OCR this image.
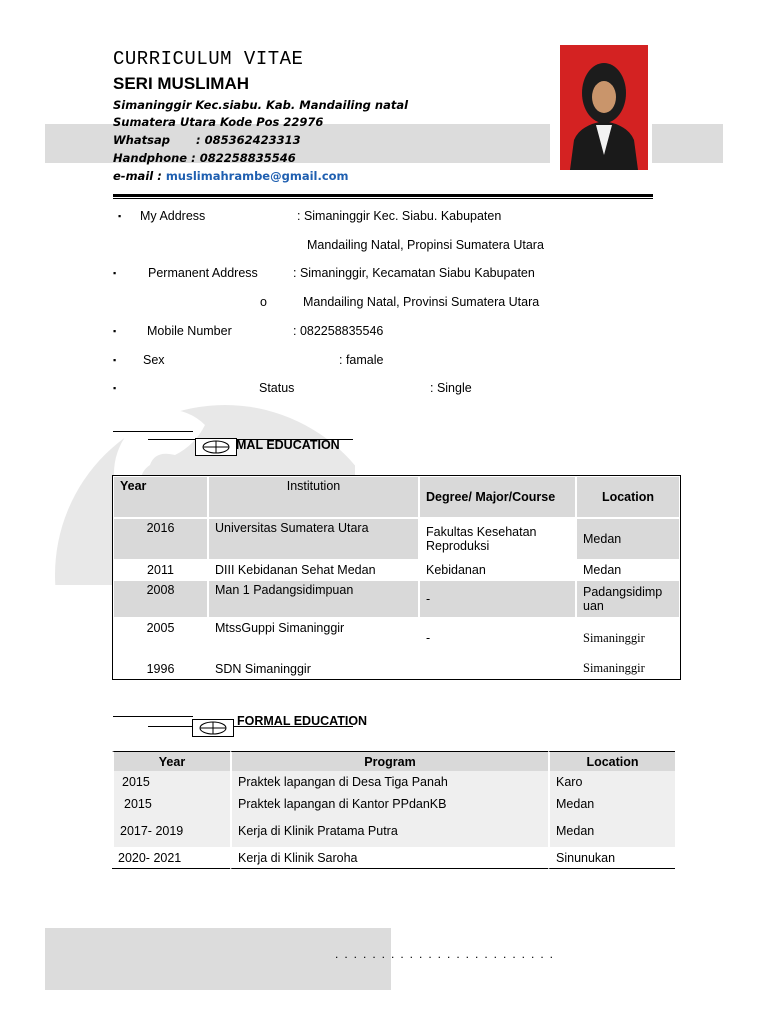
CURRICULUM VITAE
SERI MUSLIMAH
Simaninggir Kec.siabu. Kab. Mandailing natal
Sumatera Utara Kode Pos 22976
Whatsap : 085362423313
Handphone : 082258835546
e-mail : muslimahrambe@gmail.com
▪ My Address	: Simaninggir Kec. Siabu. Kabupaten
Mandailing Natal, Propinsi Sumatera Utara
▪	Permanent Address	: Simaninggir, Kecamatan Siabu Kabupaten
o	Mandailing Natal, Provinsi Sumatera Utara
▪ Mobile Number	: 082258835546
▪ Sex	: famale
▪	Status	: Single
MAL EDUCATION
Year	Institution	Degree/ Major/Course	Location
2016	Universitas Sumatera Utara	Fakultas Kesehatan Reproduksi	Medan
2011	DIII Kebidanan Sehat Medan	Kebidanan	Medan
2008	Man 1 Padangsidimpuan	-	Padangsidimp uan
2005	MtssGuppi Simaninggir	-	Simaninggir
1996	SDN Simaninggir		Simaninggir
FORMAL EDUCATION
Year	Program	Location
2015	Praktek lapangan di Desa Tiga Panah	Karo
2015	Praktek lapangan di Kantor PPdanKB	Medan
2017- 2019	Kerja di Klinik Pratama Putra	Medan
2020- 2021	Kerja di Klinik Saroha	Sinunukan
........................
